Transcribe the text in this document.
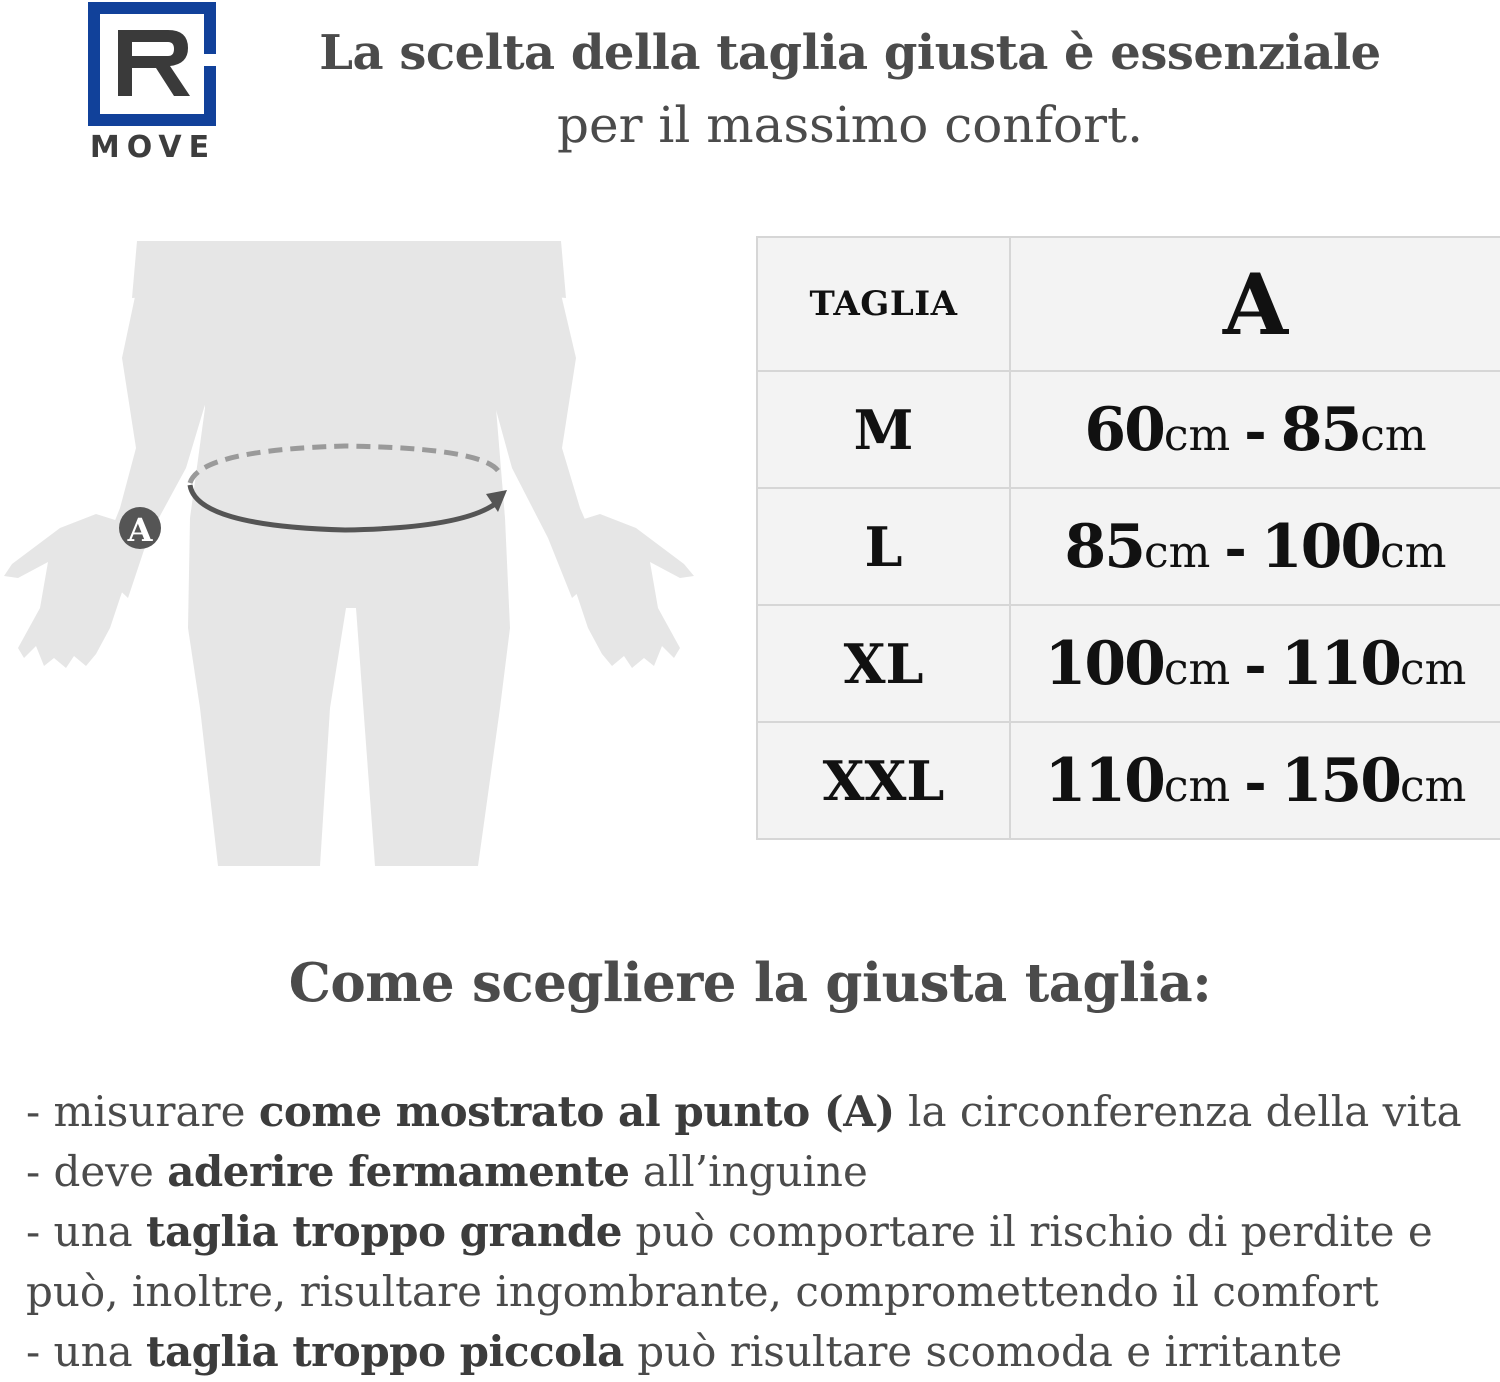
MOVE
La scelta della taglia giusta è essenziale
per il massimo confort.
A
TAGLIA	A
M	60cm - 85cm
L	85cm - 100cm
XL	100cm - 110cm
XXL	110cm - 150cm
Come scegliere la giusta taglia:

- misurare come mostrato al punto (A) la circonferenza della vita

- deve aderire fermamente all’inguine

- una taglia troppo grande può comportare il rischio di perdite e

può, inoltre, risultare ingombrante, compromettendo il comfort

- una taglia troppo piccola può risultare scomoda e irritante
